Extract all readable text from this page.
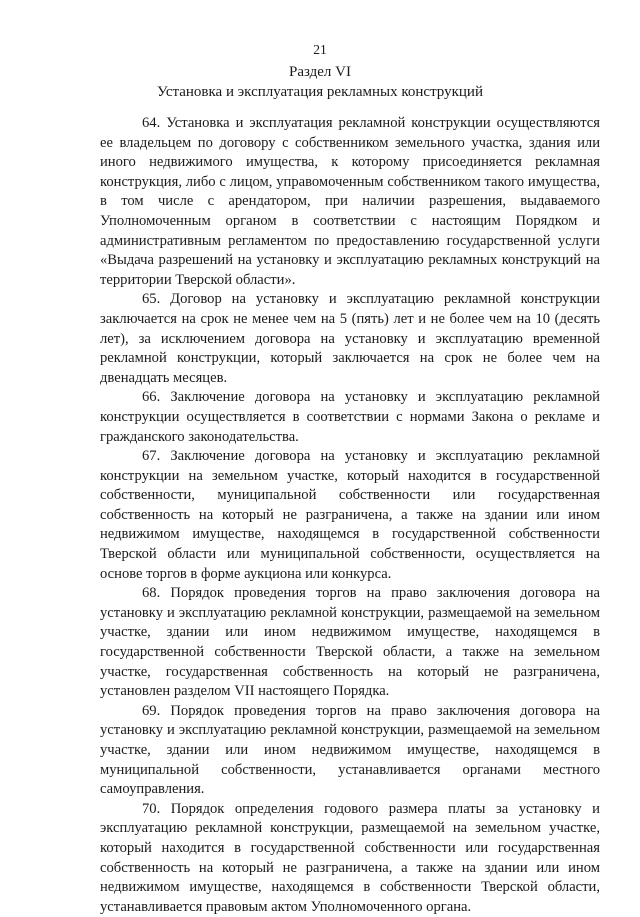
21
Раздел VI
Установка и эксплуатация рекламных конструкций

64. Установка и эксплуатация рекламной конструкции осуществляются ее владельцем по договору с собственником земельного участка, здания или иного недвижимого имущества, к которому присоединяется рекламная конструкция, либо с лицом, управомоченным собственником такого имущества, в том числе с арендатором, при наличии разрешения, выдаваемого Уполномоченным органом в соответствии с настоящим Порядком и административным регламентом по предоставлению государственной услуги «Выдача разрешений на установку и эксплуатацию рекламных конструкций на территории Тверской области».

65. Договор на установку и эксплуатацию рекламной конструкции заключается на срок не менее чем на 5 (пять) лет и не более чем на 10 (десять лет), за исключением договора на установку и эксплуатацию временной рекламной конструкции, который заключается на срок не более чем на двенадцать месяцев.

66. Заключение договора на установку и эксплуатацию рекламной конструкции осуществляется в соответствии с нормами Закона о рекламе и гражданского законодательства.

67. Заключение договора на установку и эксплуатацию рекламной конструкции на земельном участке, который находится в государственной собственности, муниципальной собственности или государственная собственность на который не разграничена, а также на здании или ином недвижимом имуществе, находящемся в государственной собственности Тверской области или муниципальной собственности, осуществляется на основе торгов в форме аукциона или конкурса.

68. Порядок проведения торгов на право заключения договора на установку и эксплуатацию рекламной конструкции, размещаемой на земельном участке, здании или ином недвижимом имуществе, находящемся в государственной собственности Тверской области, а также на земельном участке, государственная собственность на который не разграничена, установлен разделом VII настоящего Порядка.

69. Порядок проведения торгов на право заключения договора на установку и эксплуатацию рекламной конструкции, размещаемой на земельном участке, здании или ином недвижимом имуществе, находящемся в муниципальной собственности, устанавливается органами местного самоуправления.

70. Порядок определения годового размера платы за установку и эксплуатацию рекламной конструкции, размещаемой на земельном участке, который находится в государственной собственности или государственная собственность на который не разграничена, а также на здании или ином недвижимом имуществе, находящемся в собственности Тверской области, устанавливается правовым актом Уполномоченного органа.
